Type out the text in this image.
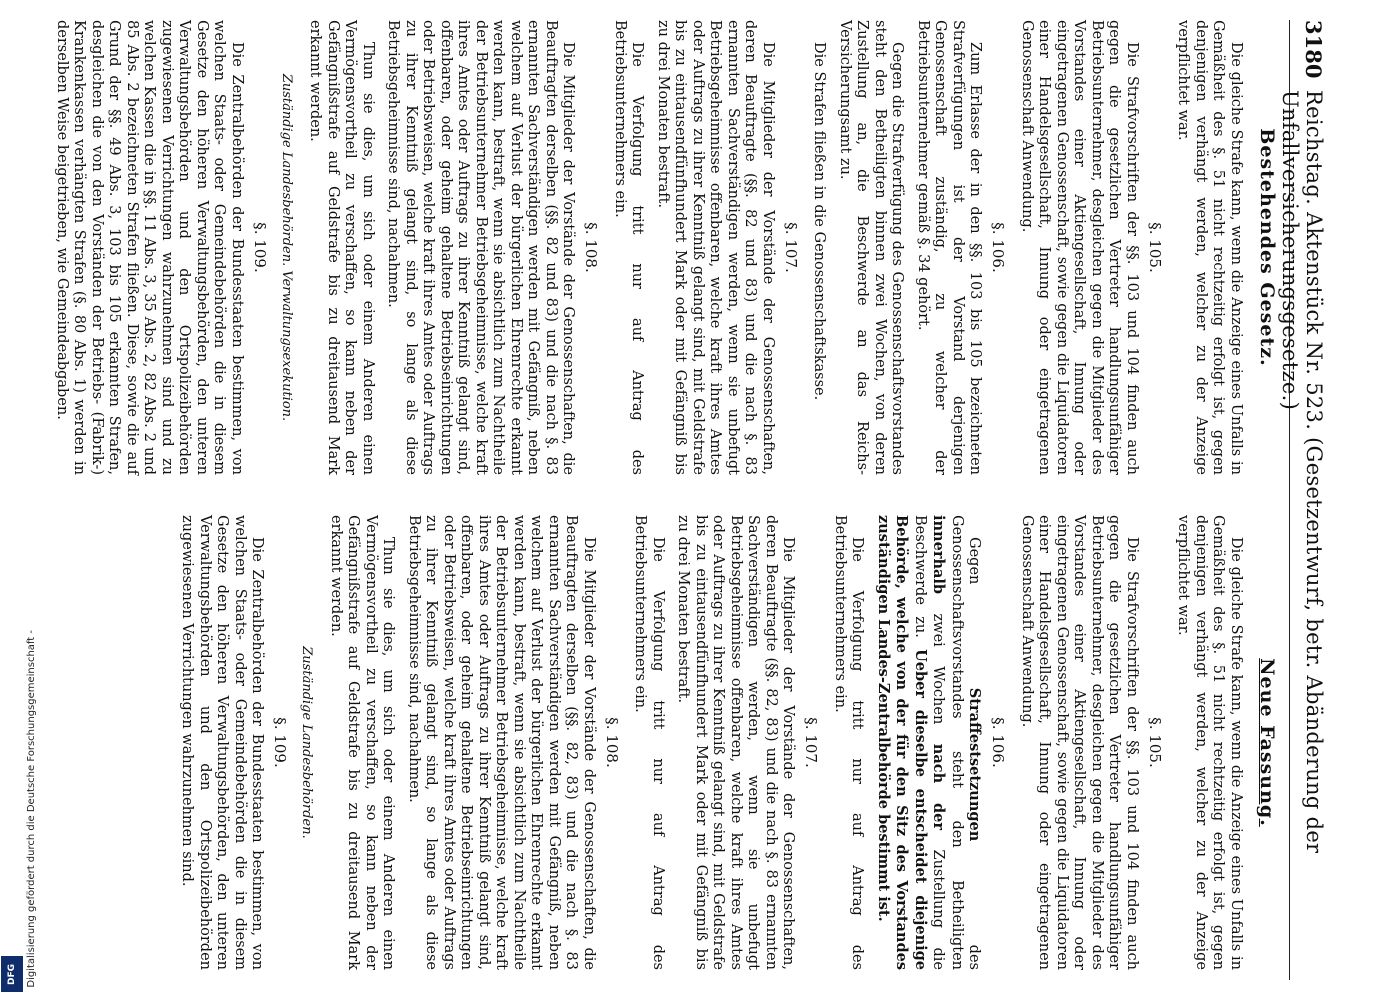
Digitalisierung gefördert durch die Deutsche Forschungsgemeinschaft -
DFG
3180
Reichstag. Aktenstück Nr. 523. (Gesetzentwurf, betr. Abänderung der Unfallversicherungsgesetze.)
Bestehendes Gesetz.

Die gleiche Strafe kann, wenn die Anzeige eines Unfalls in Gemäßheit des §. 51 nicht rechtzeitig erfolgt ist, gegen denjenigen verhängt werden, welcher zu der Anzeige verpflichtet war.

§. 105.

Die Strafvorschriften der §§. 103 und 104 finden auch gegen die gesetzlichen Vertreter handlungsunfähiger Betriebsunternehmer, desgleichen gegen die Mitglieder des Vorstandes einer Aktiengesellschaft, Innung oder eingetragenen Genossenschaft, sowie gegen die Liquidatoren einer Handelsgesellschaft, Innung oder eingetragenen Genossenschaft Anwendung.

§. 106.

Zum Erlasse der in den §§. 103 bis 105 bezeichneten Strafverfügungen ist der Vorstand derjenigen Genossenschaft zuständig, zu welcher der Betriebsunternehmer gemäß §. 34 gehört.

Gegen die Strafverfügung des Genossenschaftsvorstandes steht den Betheiligten binnen zwei Wochen, von deren Zustellung an, die Beschwerde an das Reichs-Versicherungsamt zu.

Die Strafen fließen in die Genossenschaftskasse.

§. 107.

Die Mitglieder der Vorstände der Genossenschaften, deren Beauftragte (§§. 82 und 83) und die nach §. 83 ernannten Sachverständigen werden, wenn sie unbefugt Betriebsgeheimnisse offenbaren, welche kraft ihres Amtes oder Auftrags zu ihrer Kenntniß gelangt sind, mit Geldstrafe bis zu eintausendfünfhundert Mark oder mit Gefängniß bis zu drei Monaten bestraft.

Die Verfolgung tritt nur auf Antrag des Betriebsunternehmers ein.

§. 108.

Die Mitglieder der Vorstände der Genossenschaften, die Beauftragten derselben (§§. 82 und 83) und die nach §. 83 ernannten Sachverständigen werden mit Gefängniß, neben welchem auf Verlust der bürgerlichen Ehrenrechte erkannt werden kann, bestraft, wenn sie absichtlich zum Nachtheile der Betriebsunternehmer Betriebsgeheimnisse, welche kraft ihres Amtes oder Auftrags zu ihrer Kenntniß gelangt sind, offenbaren, oder geheim gehaltene Betriebseinrichtungen oder Betriebsweisen, welche kraft ihres Amtes oder Auftrags zu ihrer Kenntniß gelangt sind, so lange als diese Betriebsgeheimnisse sind, nachahmen.

Thun sie dies, um sich oder einem Anderen einen Vermögensvortheil zu verschaffen, so kann neben der Gefängnißstrafe auf Geldstrafe bis zu dreitausend Mark erkannt werden.

Zuständige Landesbehörden. Verwaltungsexekution.
§. 109.

Die Zentralbehörden der Bundesstaaten bestimmen, von welchen Staats- oder Gemeindebehörden die in diesem Gesetze den höheren Verwaltungsbehörden, den unteren Verwaltungsbehörden und den Ortspolizeibehörden zugewiesenen Verrichtungen wahrzunehmen sind und zu welchen Kassen die in §§. 11 Abs. 3, 35 Abs. 2, 82 Abs. 2 und 85 Abs. 2 bezeichneten Strafen fließen. Diese, sowie die auf Grund der §§. 49 Abs. 3, 103 bis 105 erkannten Strafen, desgleichen die von den Vorständen der Betriebs- (Fabrik-) Krankenkassen verhängten Strafen (§. 80 Abs. 1) werden in derselben Weise beigetrieben, wie Gemeindeabgaben.

Neue Fassung.

Die gleiche Strafe kann, wenn die Anzeige eines Unfalls in Gemäßheit des §. 51 nicht rechtzeitig erfolgt ist, gegen denjenigen verhängt werden, welcher zu der Anzeige verpflichtet war.

§. 105.

Die Strafvorschriften der §§. 103 und 104 finden auch gegen die gesetzlichen Vertreter handlungsunfähiger Betriebsunternehmer, desgleichen gegen die Mitglieder des Vorstandes einer Aktiengesellschaft, Innung oder eingetragenen Genossenschaft, sowie gegen die Liquidatoren einer Handelsgesellschaft, Innung oder eingetragenen Genossenschaft Anwendung.

§. 106.

Gegen Straffestsetzungen des Genossenschaftsvorstandes steht den Betheiligten innerhalb zwei Wochen nach der Zustellung die Beschwerde zu. Ueber dieselbe entscheidet diejenige Behörde, welche von der für den Sitz des Vorstandes zuständigen Landes-Zentralbehörde bestimmt ist.

Die Verfolgung tritt nur auf Antrag des Betriebsunternehmers ein.

§. 107.

Die Mitglieder der Vorstände der Genossenschaften, deren Beauftragte (§§. 82, 83) und die nach §. 83 ernannten Sachverständigen werden, wenn sie unbefugt Betriebsgeheimnisse offenbaren, welche kraft ihres Amtes oder Auftrags zu ihrer Kenntniß gelangt sind, mit Geldstrafe bis zu eintausendfünfhundert Mark oder mit Gefängniß bis zu drei Monaten bestraft.

Die Verfolgung tritt nur auf Antrag des Betriebsunternehmers ein.

§. 108.

Die Mitglieder der Vorstände der Genossenschaften, die Beauftragten derselben (§§. 82, 83) und die nach §. 83 ernannten Sachverständigen werden mit Gefängniß, neben welchem auf Verlust der bürgerlichen Ehrenrechte erkannt werden kann, bestraft, wenn sie absichtlich zum Nachtheile der Betriebsunternehmer Betriebsgeheimnisse, welche kraft ihres Amtes oder Auftrags zu ihrer Kenntniß gelangt sind, offenbaren, oder geheim gehaltene Betriebseinrichtungen oder Betriebsweisen, welche kraft ihres Amtes oder Auftrags zu ihrer Kenntniß gelangt sind, so lange als diese Betriebsgeheimnisse sind, nachahmen.

Thun sie dies, um sich oder einem Anderen einen Vermögensvortheil zu verschaffen, so kann neben der Gefängnißstrafe auf Geldstrafe bis zu dreitausend Mark erkannt werden.

Zuständige Landesbehörden.
§. 109.

Die Zentralbehörden der Bundesstaaten bestimmen, von welchen Staats- oder Gemeindebehörden die in diesem Gesetze den höheren Verwaltungsbehörden, den unteren Verwaltungsbehörden und den Ortspolizeibehörden zugewiesenen Verrichtungen wahrzunehmen sind.
